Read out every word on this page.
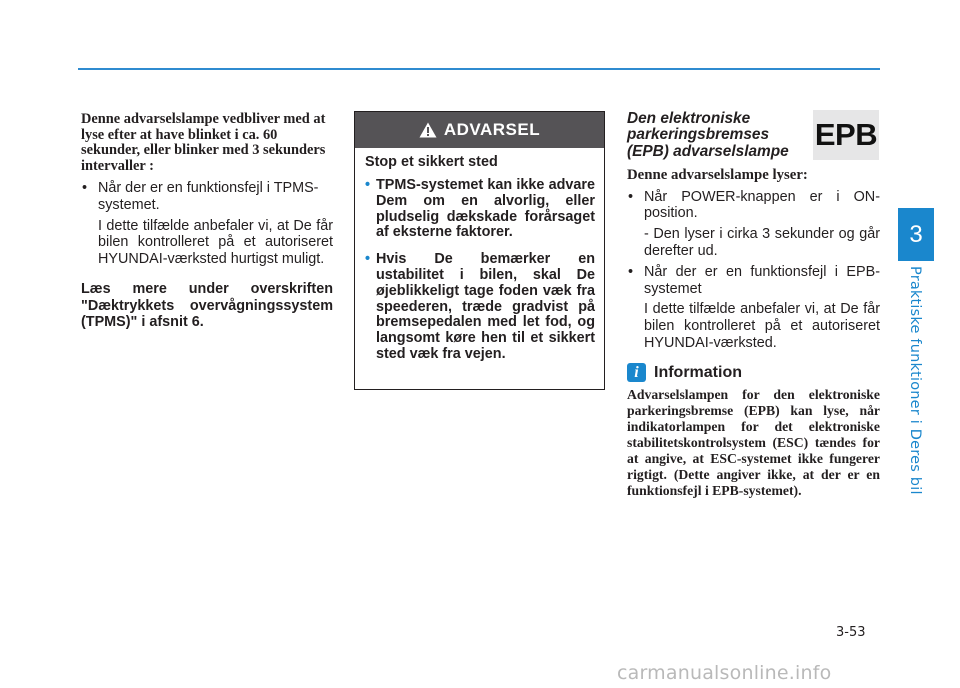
Denne advarselslampe vedbliver med at lyse efter at have blinket i ca. 60 sekunder, eller blinker med 3 sekunders intervaller :
• Når der er en funktionsfejl i TPMS-systemet.
I dette tilfælde anbefaler vi, at De får bilen kontrolleret på et autoriseret HYUNDAI-værksted hurtigst muligt.
Læs mere under overskriften "Dæktrykkets overvågningssystem (TPMS)" i afsnit 6.
ADVARSEL
Stop et sikkert sted
• TPMS-systemet kan ikke advare Dem om en alvorlig, eller pludselig dækskade forårsaget af eksterne faktorer.
• Hvis De bemærker en ustabilitet i bilen, skal De øjeblikkeligt tage foden væk fra speederen, træde gradvist på bremsepedalen med let fod, og langsomt køre hen til et sikkert sted væk fra vejen.
EPB
Den elektroniske parkeringsbremses (EPB) advarselslampe
Denne advarselslampe lyser:
• Når POWER-knappen er i ON-position.
- Den lyser i cirka 3 sekunder og går derefter ud.
• Når der er en funktionsfejl i EPB-systemet
I dette tilfælde anbefaler vi, at De får bilen kontrolleret på et autoriseret HYUNDAI-værksted.
i Information
Advarselslampen for den elektroniske parkeringsbremse (EPB) kan lyse, når indikatorlampen for det elektroniske stabilitetskontrolsystem (ESC) tændes for at angive, at ESC-systemet ikke fungerer rigtigt. (Dette angiver ikke, at der er en funktionsfejl i EPB-systemet).
3
Praktiske funktioner i Deres bil
3-53
carmanualsonline.info
